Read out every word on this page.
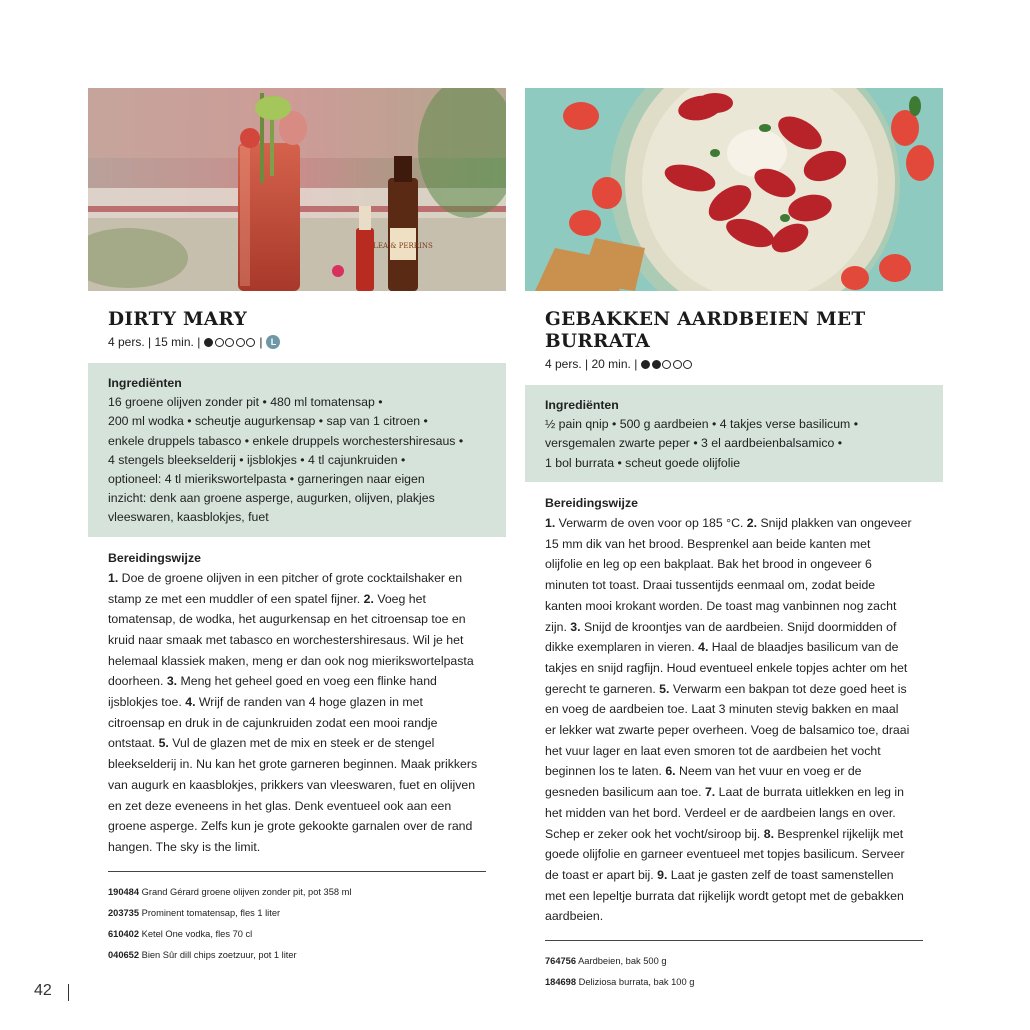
LEA & PERRINS
DIRTY MARY
4 pers.
|
15 min.
|	| L
Ingrediënten
16 groene olijven zonder pit • 480 ml tomatensap •
200 ml wodka • scheutje augurkensap • sap van 1 citroen •
enkele druppels tabasco • enkele druppels worchestershiresaus •
4 stengels bleekselderij • ijsblokjes • 4 tl cajunkruiden •
optioneel: 4 tl mierikswortelpasta • garneringen naar eigen
inzicht: denk aan groene asperge, augurken, olijven, plakjes
vleeswaren, kaasblokjes, fuet
Bereidingswijze
1. Doe de groene olijven in een pitcher of grote cocktailshaker en
stamp ze met een muddler of een spatel fijner. 2. Voeg het
tomatensap, de wodka, het augurkensap en het citroensap toe en
kruid naar smaak met tabasco en worchestershiresaus. Wil je het
helemaal klassiek maken, meng er dan ook nog mierikswortelpasta
doorheen. 3. Meng het geheel goed en voeg een flinke hand
ijsblokjes toe. 4. Wrijf de randen van 4 hoge glazen in met
citroensap en druk in de cajunkruiden zodat een mooi randje
ontstaat. 5. Vul de glazen met de mix en steek er de stengel
bleekselderij in. Nu kan het grote garneren beginnen. Maak prikkers
van augurk en kaasblokjes, prikkers van vleeswaren, fuet en olijven
en zet deze eveneens in het glas. Denk eventueel ook aan een
groene asperge. Zelfs kun je grote gekookte garnalen over de rand
hangen. The sky is the limit.
190484 Grand Gérard groene olijven zonder pit, pot 358 ml
203735 Prominent tomatensap, fles 1 liter
610402 Ketel One vodka, fles 70 cl
040652 Bien Sûr dill chips zoetzuur, pot 1 liter
GEBAKKEN AARDBEIEN MET BURRATA
4 pers.
|
20 min.
|
Ingrediënten
½ pain qnip • 500 g aardbeien • 4 takjes verse basilicum •
versgemalen zwarte peper • 3 el aardbeienbalsamico •
1 bol burrata • scheut goede olijfolie
Bereidingswijze
1. Verwarm de oven voor op 185 °C. 2. Snijd plakken van ongeveer
15 mm dik van het brood. Besprenkel aan beide kanten met
olijfolie en leg op een bakplaat. Bak het brood in ongeveer 6
minuten tot toast. Draai tussentijds eenmaal om, zodat beide
kanten mooi krokant worden. De toast mag vanbinnen nog zacht
zijn. 3. Snijd de kroontjes van de aardbeien. Snijd doormidden of
dikke exemplaren in vieren. 4. Haal de blaadjes basilicum van de
takjes en snijd ragfijn. Houd eventueel enkele topjes achter om het
gerecht te garneren. 5. Verwarm een bakpan tot deze goed heet is
en voeg de aardbeien toe. Laat 3 minuten stevig bakken en maal
er lekker wat zwarte peper overheen. Voeg de balsamico toe, draai
het vuur lager en laat even smoren tot de aardbeien het vocht
beginnen los te laten. 6. Neem van het vuur en voeg er de
gesneden basilicum aan toe. 7. Laat de burrata uitlekken en leg in
het midden van het bord. Verdeel er de aardbeien langs en over.
Schep er zeker ook het vocht/siroop bij. 8. Besprenkel rijkelijk met
goede olijfolie en garneer eventueel met topjes basilicum. Serveer
de toast er apart bij. 9. Laat je gasten zelf de toast samenstellen
met een lepeltje burrata dat rijkelijk wordt getopt met de gebakken
aardbeien.
764756 Aardbeien, bak 500 g
184698 Deliziosa burrata, bak 100 g
42
